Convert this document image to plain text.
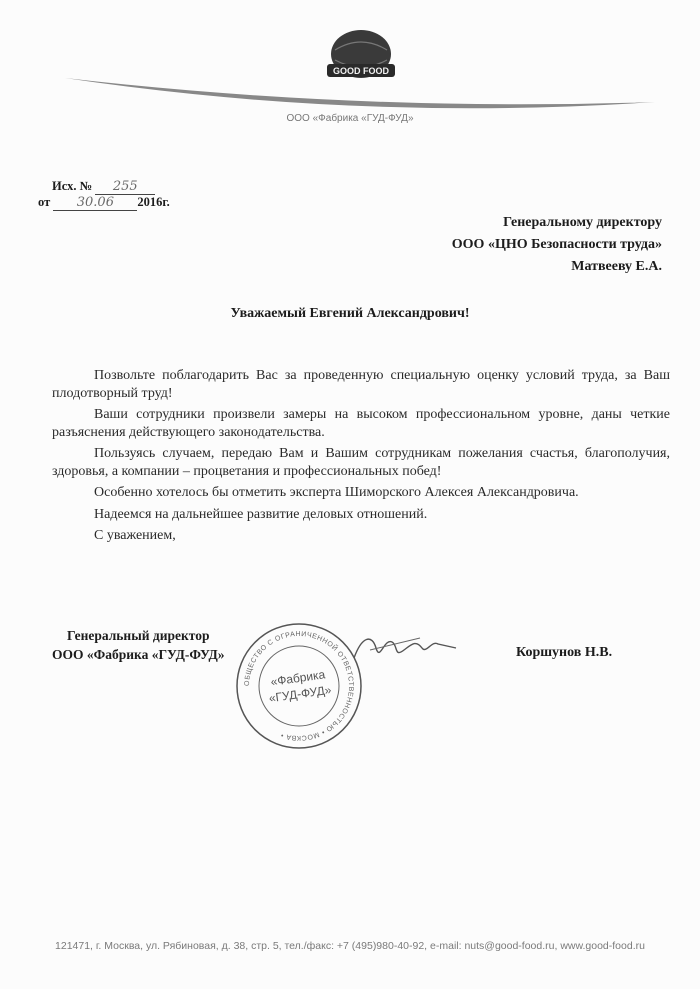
GOOD FOOD
ООО «Фабрика «ГУД-ФУД»
Исх. № 255
от 30.06 2016г.
Генеральному директору
ООО «ЦНО Безопасности труда»
Матвееву Е.А.
Уважаемый Евгений Александрович!

Позвольте поблагодарить Вас за проведенную специальную оценку условий труда, за Ваш плодотворный труд!

Ваши сотрудники произвели замеры на высоком профессиональном уровне, даны четкие разъяснения действующего законодательства.

Пользуясь случаем, передаю Вам и Вашим сотрудникам пожелания счастья, благополучия, здоровья, а компании – процветания и профессиональных побед!

Особенно хотелось бы отметить эксперта Шиморского Алексея Александровича.

Надеемся на дальнейшее развитие деловых отношений.

С уважением,

Генеральный директор
ООО «Фабрика «ГУД-ФУД»
ОБЩЕСТВО С ОГРАНИЧЕННОЙ ОТВЕТСТВЕННОСТЬЮ • МОСКВА •
«Фабрика
«ГУД-ФУД»
Коршунов Н.В.
121471, г. Москва, ул. Рябиновая, д. 38, стр. 5, тел./факс: +7 (495)980-40-92, e-mail: nuts@good-food.ru, www.good-food.ru
